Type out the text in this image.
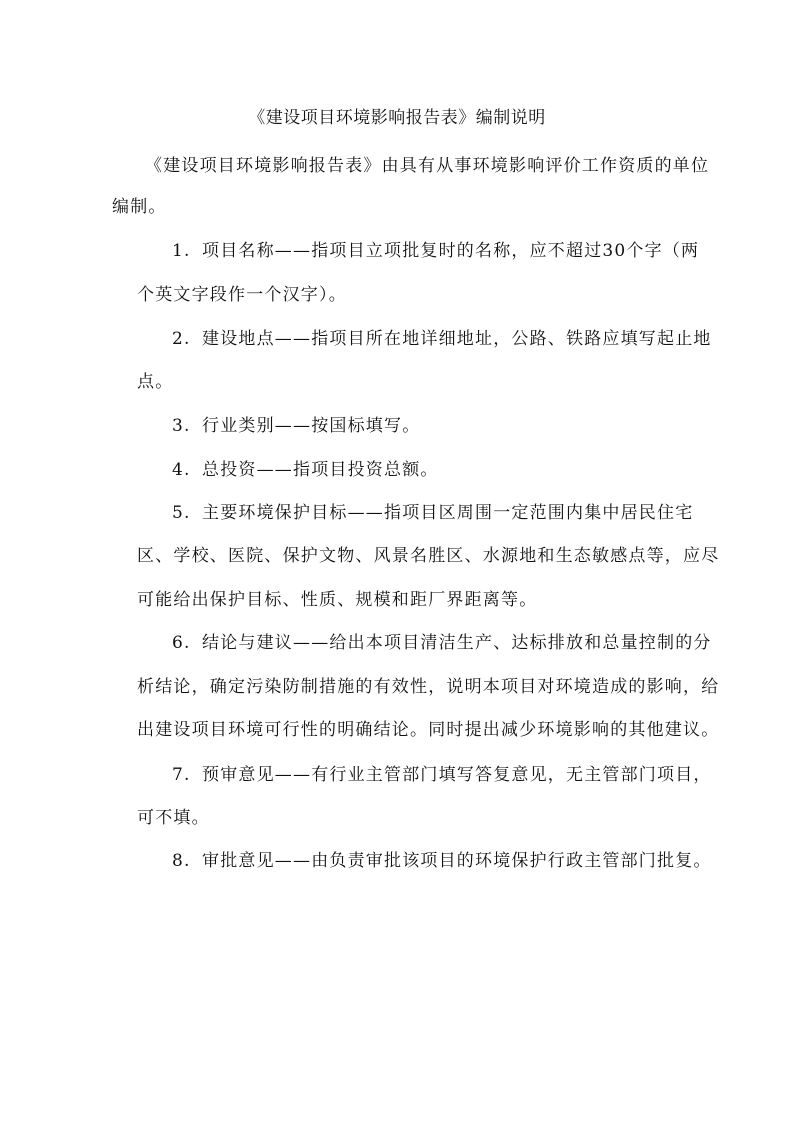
《建设项目环境影响报告表》编制说明
《建设项目环境影响报告表》由具有从事环境影响评价工作资质的单位
编制。
1. 项目名称——指项目立项批复时的名称，应不超过30个字（两
个英文字段作一个汉字）。
2. 建设地点——指项目所在地详细地址，公路、铁路应填写起止地
点。
3. 行业类别——按国标填写。
4. 总投资——指项目投资总额。
5. 主要环境保护目标——指项目区周围一定范围内集中居民住宅
区、学校、医院、保护文物、风景名胜区、水源地和生态敏感点等，应尽
可能给出保护目标、性质、规模和距厂界距离等。
6. 结论与建议——给出本项目清洁生产、达标排放和总量控制的分
析结论，确定污染防制措施的有效性，说明本项目对环境造成的影响，给
出建设项目环境可行性的明确结论。同时提出减少环境影响的其他建议。
7. 预审意见——有行业主管部门填写答复意见，无主管部门项目，
可不填。
8. 审批意见——由负责审批该项目的环境保护行政主管部门批复。
